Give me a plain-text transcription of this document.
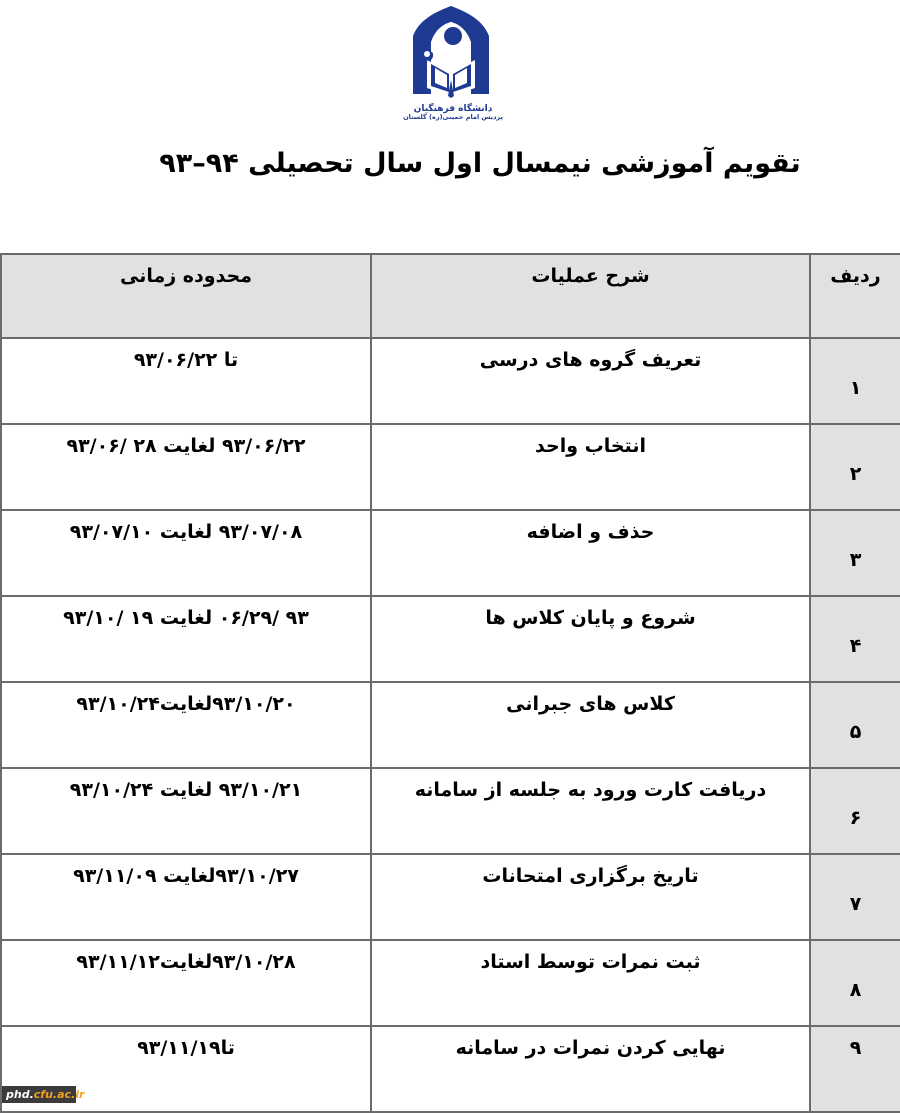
دانشگاه فرهنگیان
پردیس امام خمینی(ره) گلستان
تقویم آموزشی نیمسال اول سال تحصیلی ۹۴–۹۳
ردیف	شرح عملیات	محدوده زمانی
۱	تعریف گروه های درسی	تا ۹۳/۰۶/۲۲
۲	انتخاب واحد	۹۳/۰۶/۲۲ لغایت ۲۸ /۹۳/۰۶
۳	حذف و اضافه	۹۳/۰۷/۰۸ لغایت ۹۳/۰۷/۱۰
۴	شروع و پایان کلاس ها	۹۳ /۰۶/۲۹ لغایت ۱۹ /۹۳/۱۰
۵	کلاس های جبرانی	۹۳/۱۰/۲۰لغایت۹۳/۱۰/۲۴
۶	دریافت کارت ورود به جلسه از سامانه	۹۳/۱۰/۲۱ لغایت ۹۳/۱۰/۲۴
۷	تاریخ برگزاری امتحانات	۹۳/۱۰/۲۷لغایت ۹۳/۱۱/۰۹
۸	ثبت نمرات توسط استاد	۹۳/۱۰/۲۸لغایت۹۳/۱۱/۱۲
۹	نهایی کردن نمرات در سامانه	تا۹۳/۱۱/۱۹
phd.cfu.ac.ir
